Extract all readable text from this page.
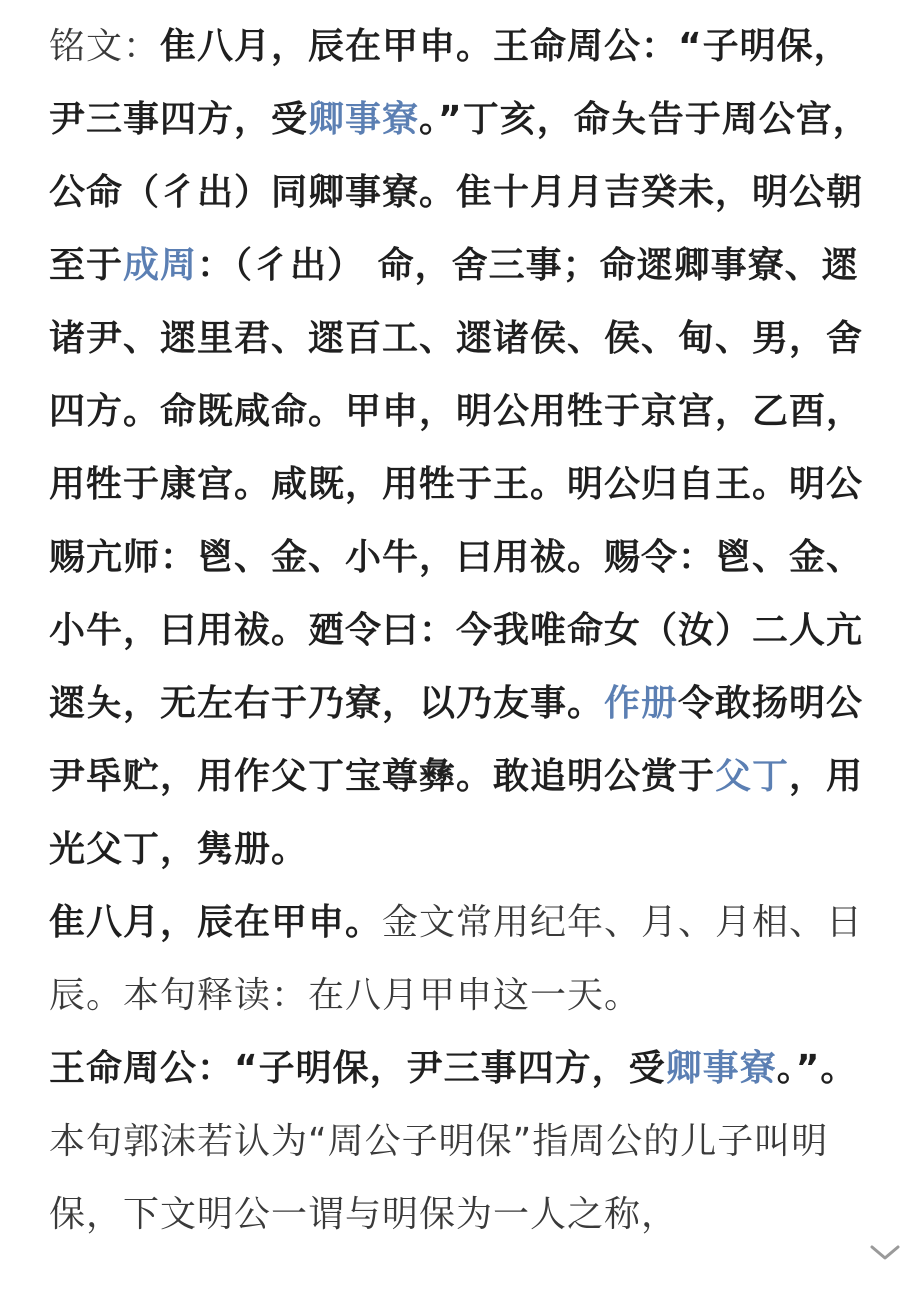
铭文：隹八月，辰在甲申。王命周公：“子明保，尹三事四方，受卿事寮。”丁亥，命夨告于周公宫，公命（彳出）同卿事寮。隹十月月吉癸未，明公朝至于成周：（彳出） 命，舍三事；命遝卿事寮、遝诸尹、遝里君、遝百工、遝诸侯、侯、甸、男，舍四方。命既咸命。甲申，明公用牲于京宫，乙酉，用牲于康宫。咸既，用牲于王。明公归自王。明公赐亢师：鬯、金、小牛，曰用祓。赐令：鬯、金、小牛，曰用祓。廼令曰：今我唯命女（汝）二人亢遝夨，无左右于乃寮，以乃友事。作册令敢扬明公尹氒贮，用作父丁宝尊彝。敢追明公赏于父丁，用光父丁，隽册。

隹八月，辰在甲申。金文常用纪年、月、月相、日辰。本句释读：在八月甲申这一天。

王命周公：“子明保，尹三事四方，受卿事寮。”。 本句郭沫若认为“周公子明保”指周公的儿子叫明保，下文明公一谓与明保为一人之称，
